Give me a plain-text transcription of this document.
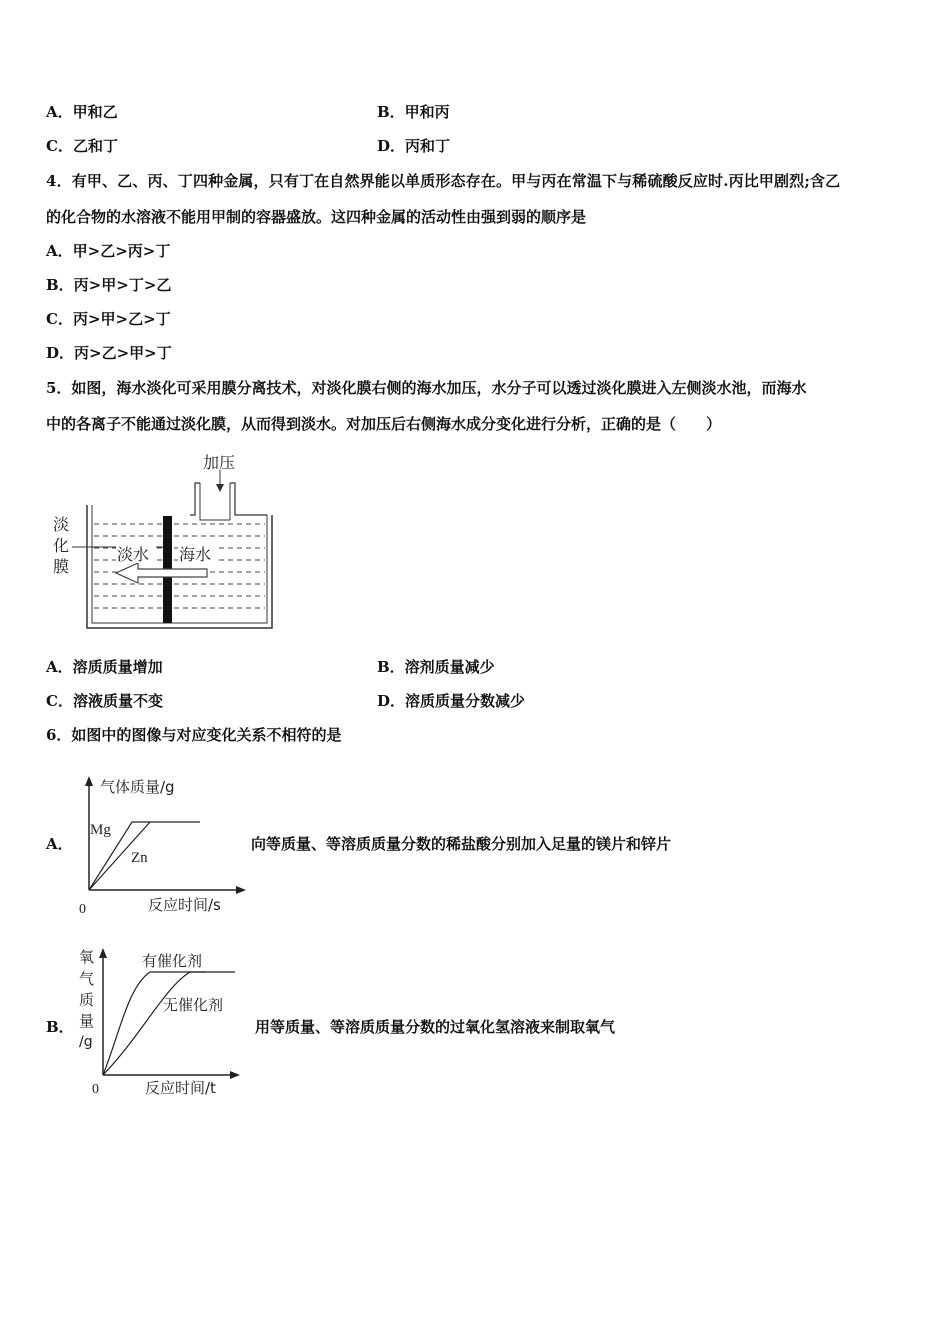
A．甲和乙	B．甲和丙
C．乙和丁	D．丙和丁
4．有甲、乙、丙、丁四种金属，只有丁在自然界能以单质形态存在。甲与丙在常温下与稀硫酸反应时.丙比甲剧烈;含乙
的化合物的水溶液不能用甲制的容器盛放。这四种金属的活动性由强到弱的顺序是
A．甲>乙>丙>丁
B．丙>甲>丁>乙
C．丙>甲>乙>丁
D．丙>乙>甲>丁
5．如图，海水淡化可采用膜分离技术，对淡化膜右侧的海水加压，水分子可以透过淡化膜进入左侧淡水池，而海水
中的各离子不能通过淡化膜，从而得到淡水。对加压后右侧海水成分变化进行分析，正确的是（　　）
加压
淡
化
膜
淡水 海水
A．溶质质量增加	B．溶剂质量减少
C．溶液质量不变	D．溶质质量分数减少
6．如图中的图像与对应变化关系不相符的是
A．
气体质量/g
反应时间/s
0
Mg
Zn
向等质量、等溶质质量分数的稀盐酸分别加入足量的镁片和锌片
B．
氧
气
质
量
/g
反应时间/t
0
有催化剂
无催化剂
用等质量、等溶质质量分数的过氧化氢溶液来制取氧气
